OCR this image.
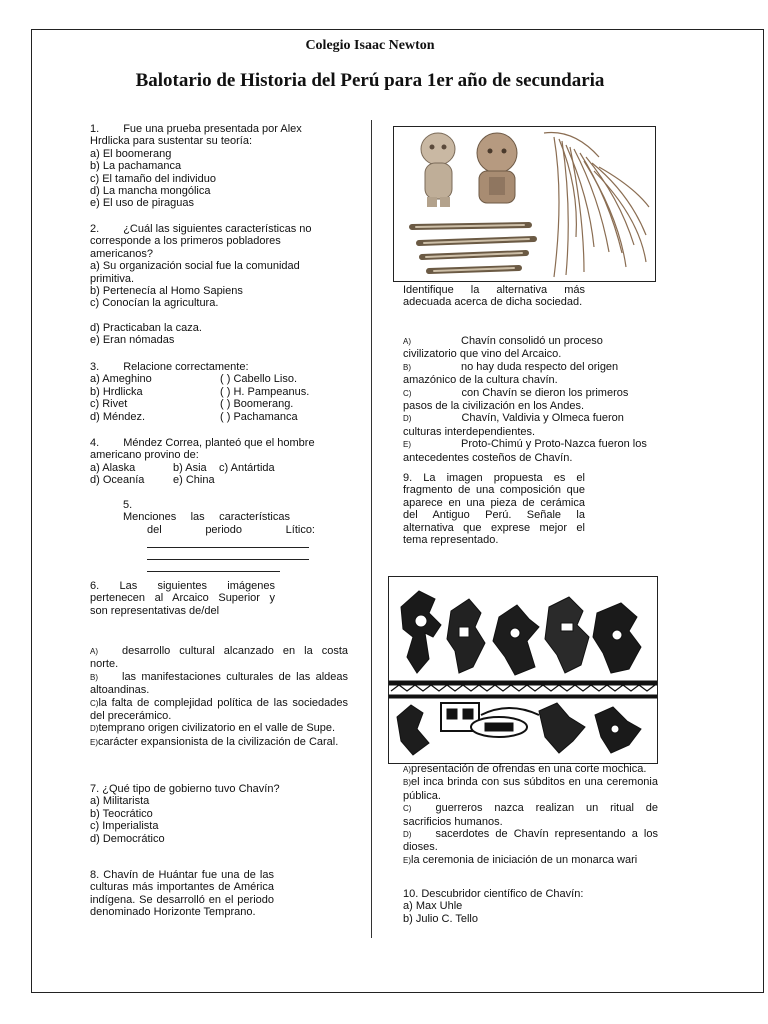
Colegio Isaac Newton
Balotario de Historia del Perú para 1er año de secundaria

1. Fue una prueba presentada por Alex

Hrdlicka para sustentar su teoría:

a) El boomerang

b) La pachamanca

c) El tamaño del individuo

d) La mancha mongólica

e) El uso de piraguas

2. ¿Cuál las siguientes características no

corresponde a los primeros pobladores

americanos?

a) Su organización social fue la comunidad

primitiva.

b) Pertenecía al Homo Sapiens

c) Conocían la agricultura.

d) Practicaban la caza.

e) Eran nómadas

3. Relacione correctamente:

a) Ameghino	( ) Cabello Liso.
b) Hrdlicka	( ) H. Pampeanus.
c) Rivet	( ) Boomerang.
d) Méndez.	( ) Pachamanca

4. Méndez Correa, planteó que el hombre

americano provino de:

a) Alaska	b) Asia	c) Antártida
d) Oceanía	e) China

5.Menciones las características

del periodo Lítico:

6. Las siguientes imágenes

pertenecen al Arcaico Superior y

son representativas de/del

A) desarrollo cultural alcanzado en la costa norte.

B) las manifestaciones culturales de las aldeas altoandinas.

C)la falta de complejidad política de las sociedades del precerámico.

D)temprano origen civilizatorio en el valle de Supe.

E)carácter expansionista de la civilización de Caral.

7. ¿Qué tipo de gobierno tuvo Chavín?

a) Militarista

b) Teocrático

c) Imperialista

d) Democrático

8. Chavín de Huántar fue una de las culturas más importantes de América indígena. Se desarrolló en el periodo denominado Horizonte Temprano.

Identifique la alternativa más adecuada acerca de dicha sociedad.

A)	Chavín consolidó un proceso civilizatorio que vino del Arcaico.

B)	no hay duda respecto del origen amazónico de la cultura chavín.

C)	con Chavín se dieron los primeros pasos de la civilización en los Andes.

D)	Chavín, Valdivia y Olmeca fueron culturas interdependientes.

E)	Proto-Chimú y Proto-Nazca fueron los antecedentes costeños de Chavín.

9. La imagen propuesta es el fragmento de una composición que aparece en una pieza de cerámica del Antiguo Perú. Señale la alternativa que exprese mejor el tema representado.

A)presentación de ofrendas en una corte mochica.

B)el inca brinda con sus súbditos en una ceremonia pública.

C) guerreros nazca realizan un ritual de sacrificios humanos.

D) sacerdotes de Chavín representando a los dioses.

E)la ceremonia de iniciación de un monarca wari

10. Descubridor científico de Chavín:

a) Max Uhle

b) Julio C. Tello
